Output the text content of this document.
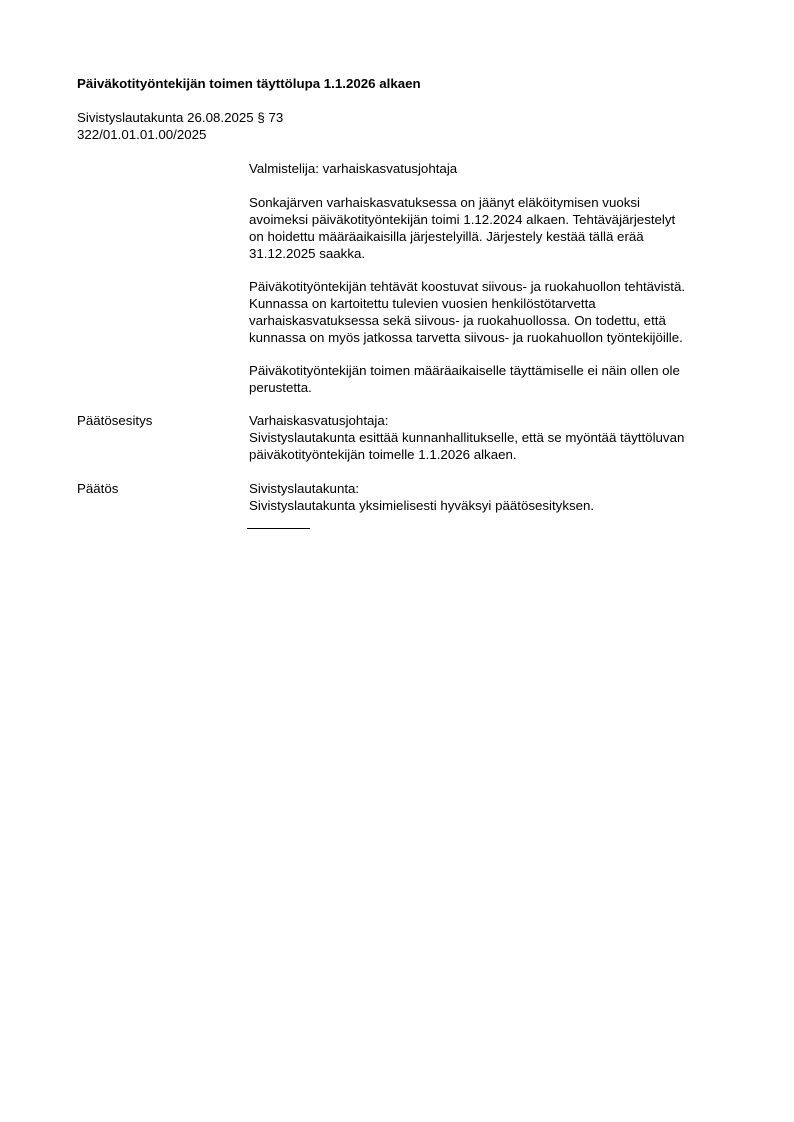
Päiväkotityöntekijän toimen täyttölupa 1.1.2026 alkaen

Sivistyslautakunta 26.08.2025 § 73
322/01.01.01.00/2025

Valmistelija: varhaiskasvatusjohtaja

Sonkajärven varhaiskasvatuksessa on jäänyt eläköitymisen vuoksi
avoimeksi päiväkotityöntekijän toimi 1.12.2024 alkaen. Tehtäväjärjestelyt
on hoidettu määräaikaisilla järjestelyillä. Järjestely kestää tällä erää
31.12.2025 saakka.
Päiväkotityöntekijän tehtävät koostuvat siivous- ja ruokahuollon tehtävistä.
Kunnassa on kartoitettu tulevien vuosien henkilöstötarvetta
varhaiskasvatuksessa sekä siivous- ja ruokahuollossa. On todettu, että
kunnassa on myös jatkossa tarvetta siivous- ja ruokahuollon työntekijöille.
Päiväkotityöntekijän toimen määräaikaiselle täyttämiselle ei näin ollen ole
perustetta.
Päätösesitys	Varhaiskasvatusjohtaja:
Sivistyslautakunta esittää kunnanhallitukselle, että se myöntää täyttöluvan
päiväkotityöntekijän toimelle 1.1.2026 alkaen.
Päätös	Sivistyslautakunta:
Sivistyslautakunta yksimielisesti hyväksyi päätösesityksen.
